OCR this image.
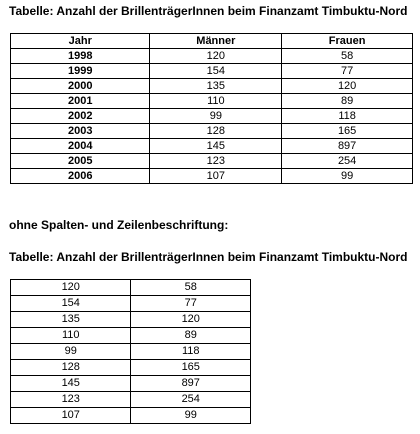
Tabelle: Anzahl der BrillenträgerInnen beim Finanzamt Timbuktu-Nord

Jahr	Männer	Frauen
1998	120	58
1999	154	77
2000	135	120
2001	110	89
2002	99	118
2003	128	165
2004	145	897
2005	123	254
2006	107	99

ohne Spalten- und Zeilenbeschriftung:

Tabelle: Anzahl der BrillenträgerInnen beim Finanzamt Timbuktu-Nord

120	58
154	77
135	120
110	89
99	118
128	165
145	897
123	254
107	99
